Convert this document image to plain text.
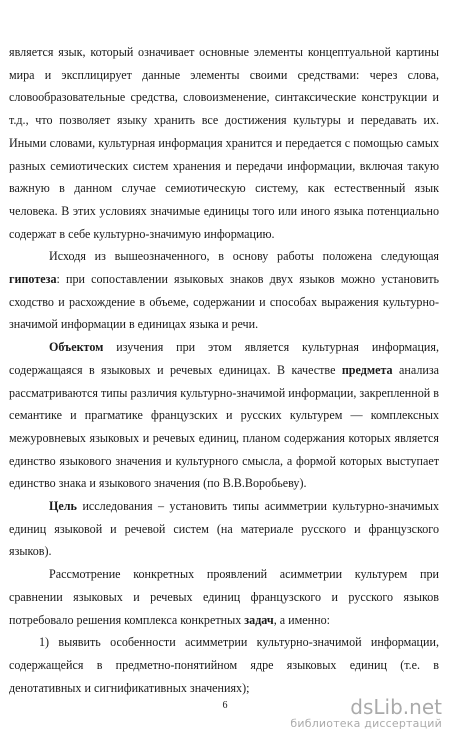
является язык, который означивает основные элементы концептуальной картины мира и эксплицирует данные элементы своими средствами: через слова, словообразовательные средства, словоизменение, синтаксические конструкции и т.д., что позволяет языку хранить все достижения культуры и передавать их. Иными словами, культурная информация хранится и передается с помощью самых разных семиотических систем хранения и передачи информации, включая такую важную в данном случае семиотическую систему, как естественный язык человека. В этих условиях значимые единицы того или иного языка потенциально содержат в себе культурно-значимую информацию.

Исходя из вышеозначенного, в основу работы положена следующая гипотеза: при сопоставлении языковых знаков двух языков можно установить сходство и расхождение в объеме, содержании и способах выражения культурно-значимой информации в единицах языка и речи.

Объектом изучения при этом является культурная информация, содержащаяся в языковых и речевых единицах. В качестве предмета анализа рассматриваются типы различия культурно-значимой информации, закрепленной в семантике и прагматике французских и русских культурем — комплексных межуровневых языковых и речевых единиц, планом содержания которых является единство языкового значения и культурного смысла, а формой которых выступает единство знака и языкового значения (по В.В.Воробьеву).

Цель исследования – установить типы асимметрии культурно-значимых единиц языковой и речевой систем (на материале русского и французского языков).

Рассмотрение конкретных проявлений асимметрии культурем при сравнении языковых и речевых единиц французского и русского языков потребовало решения комплекса конкретных задач, а именно:

1) выявить особенности асимметрии культурно-значимой информации, содержащейся в предметно-понятийном ядре языковых единиц (т.е. в денотативных и сигнификативных значениях);

6	dsLib.net
библиотека диссертаций
